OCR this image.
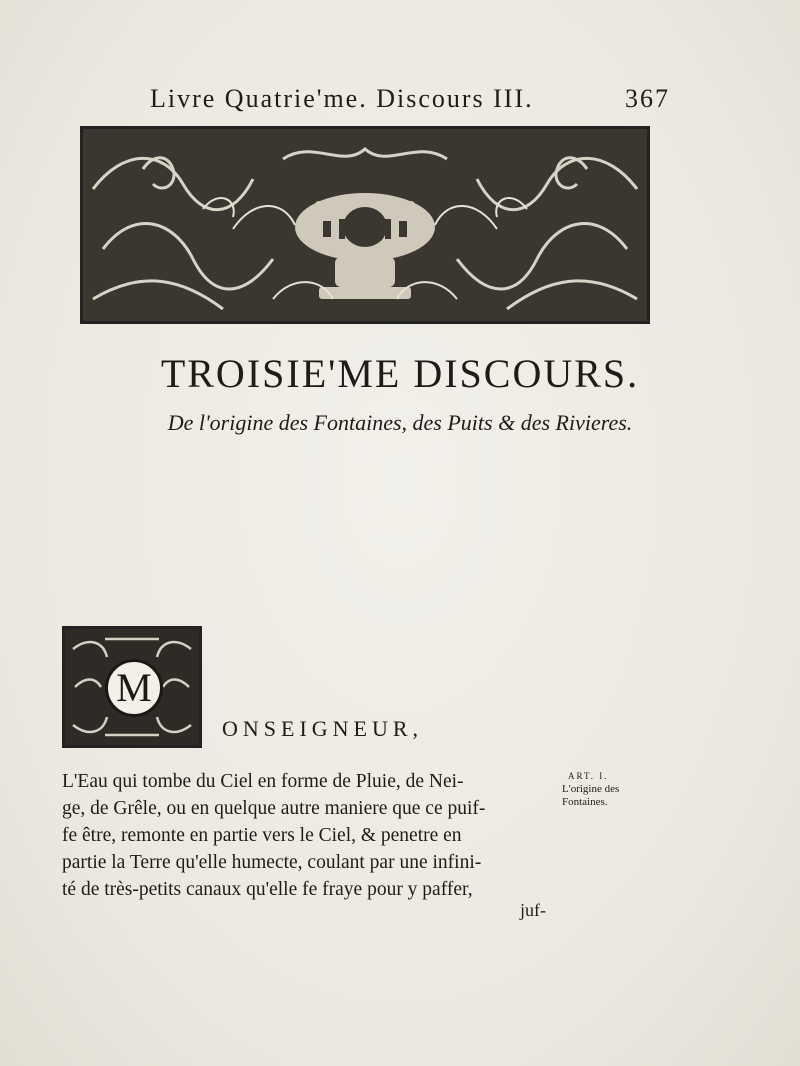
Livre Quatrie'me. Discours III.	367
TROISIE'ME DISCOURS.
De l'origine des Fontaines, des Puits & des Rivieres.
M
ONSEIGNEUR,
L'Eau qui tombe du Ciel en forme de Pluie, de Nei-
ge, de Grêle, ou en quelque autre maniere que ce puif-
fe être, remonte en partie vers le Ciel, & penetre en
partie la Terre qu'elle humecte, coulant par une infini-
té de très-petits canaux qu'elle fe fraye pour y paffer,
juf-
ART. I.
L'origine des
Fontaines.
